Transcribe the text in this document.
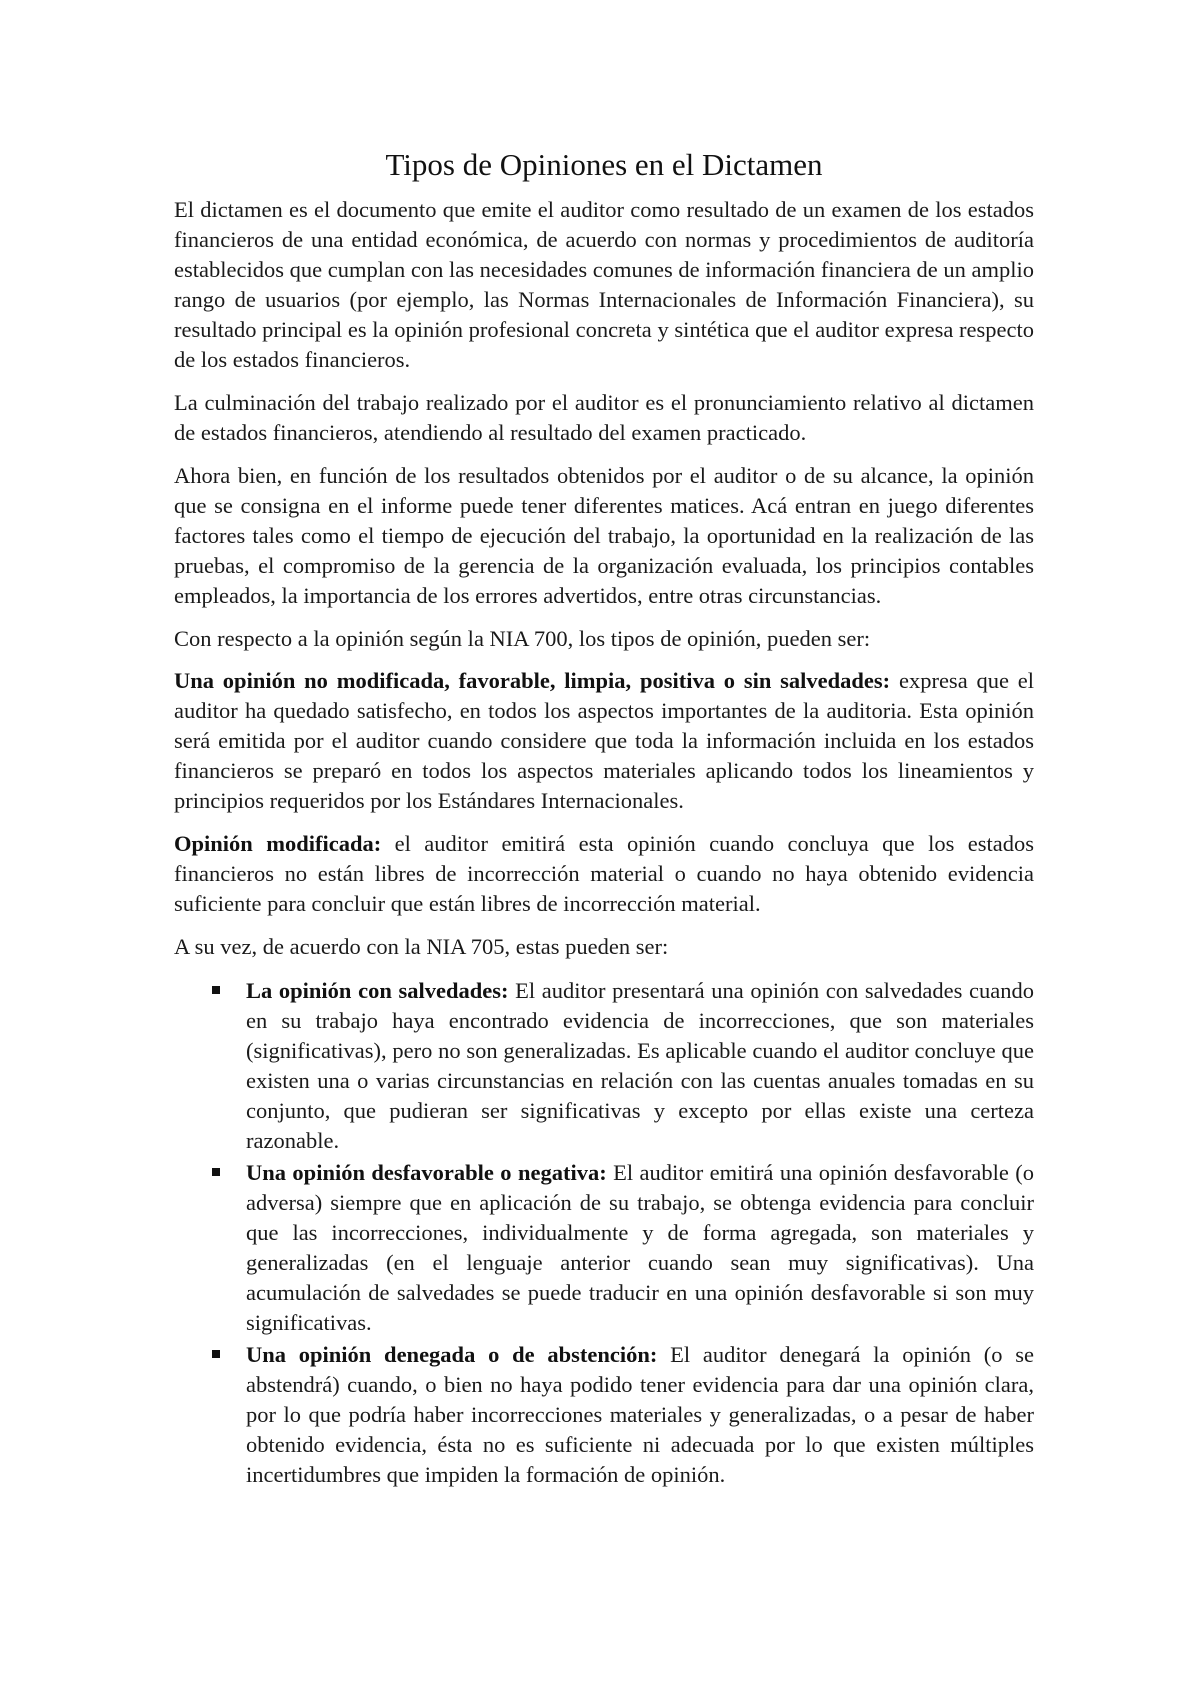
Tipos de Opiniones en el Dictamen

El dictamen es el documento que emite el auditor como resultado de un examen de los estados financieros de una entidad económica, de acuerdo con normas y procedimientos de auditoría establecidos que cumplan con las necesidades comunes de información financiera de un amplio rango de usuarios (por ejemplo, las Normas Internacionales de Información Financiera), su resultado principal es la opinión profesional concreta y sintética que el auditor expresa respecto de los estados financieros.

La culminación del trabajo realizado por el auditor es el pronunciamiento relativo al dictamen de estados financieros, atendiendo al resultado del examen practicado.

Ahora bien, en función de los resultados obtenidos por el auditor o de su alcance, la opinión que se consigna en el informe puede tener diferentes matices. Acá entran en juego diferentes factores tales como el tiempo de ejecución del trabajo, la oportunidad en la realización de las pruebas, el compromiso de la gerencia de la organización evaluada, los principios contables empleados, la importancia de los errores advertidos, entre otras circunstancias.

Con respecto a la opinión según la NIA 700, los tipos de opinión, pueden ser:

Una opinión no modificada, favorable, limpia, positiva o sin salvedades: expresa que el auditor ha quedado satisfecho, en todos los aspectos importantes de la auditoria. Esta opinión será emitida por el auditor cuando considere que toda la información incluida en los estados financieros se preparó en todos los aspectos materiales aplicando todos los lineamientos y principios requeridos por los Estándares Internacionales.

Opinión modificada: el auditor emitirá esta opinión cuando concluya que los estados financieros no están libres de incorrección material o cuando no haya obtenido evidencia suficiente para concluir que están libres de incorrección material.

A su vez, de acuerdo con la NIA 705, estas pueden ser:

La opinión con salvedades: El auditor presentará una opinión con salvedades cuando en su trabajo haya encontrado evidencia de incorrecciones, que son materiales (significativas), pero no son generalizadas. Es aplicable cuando el auditor concluye que existen una o varias circunstancias en relación con las cuentas anuales tomadas en su conjunto, que pudieran ser significativas y excepto por ellas existe una certeza razonable.
Una opinión desfavorable o negativa: El auditor emitirá una opinión desfavorable (o adversa) siempre que en aplicación de su trabajo, se obtenga evidencia para concluir que las incorrecciones, individualmente y de forma agregada, son materiales y generalizadas (en el lenguaje anterior cuando sean muy significativas). Una acumulación de salvedades se puede traducir en una opinión desfavorable si son muy significativas.
Una opinión denegada o de abstención: El auditor denegará la opinión (o se abstendrá) cuando, o bien no haya podido tener evidencia para dar una opinión clara, por lo que podría haber incorrecciones materiales y generalizadas, o a pesar de haber obtenido evidencia, ésta no es suficiente ni adecuada por lo que existen múltiples incertidumbres que impiden la formación de opinión.
